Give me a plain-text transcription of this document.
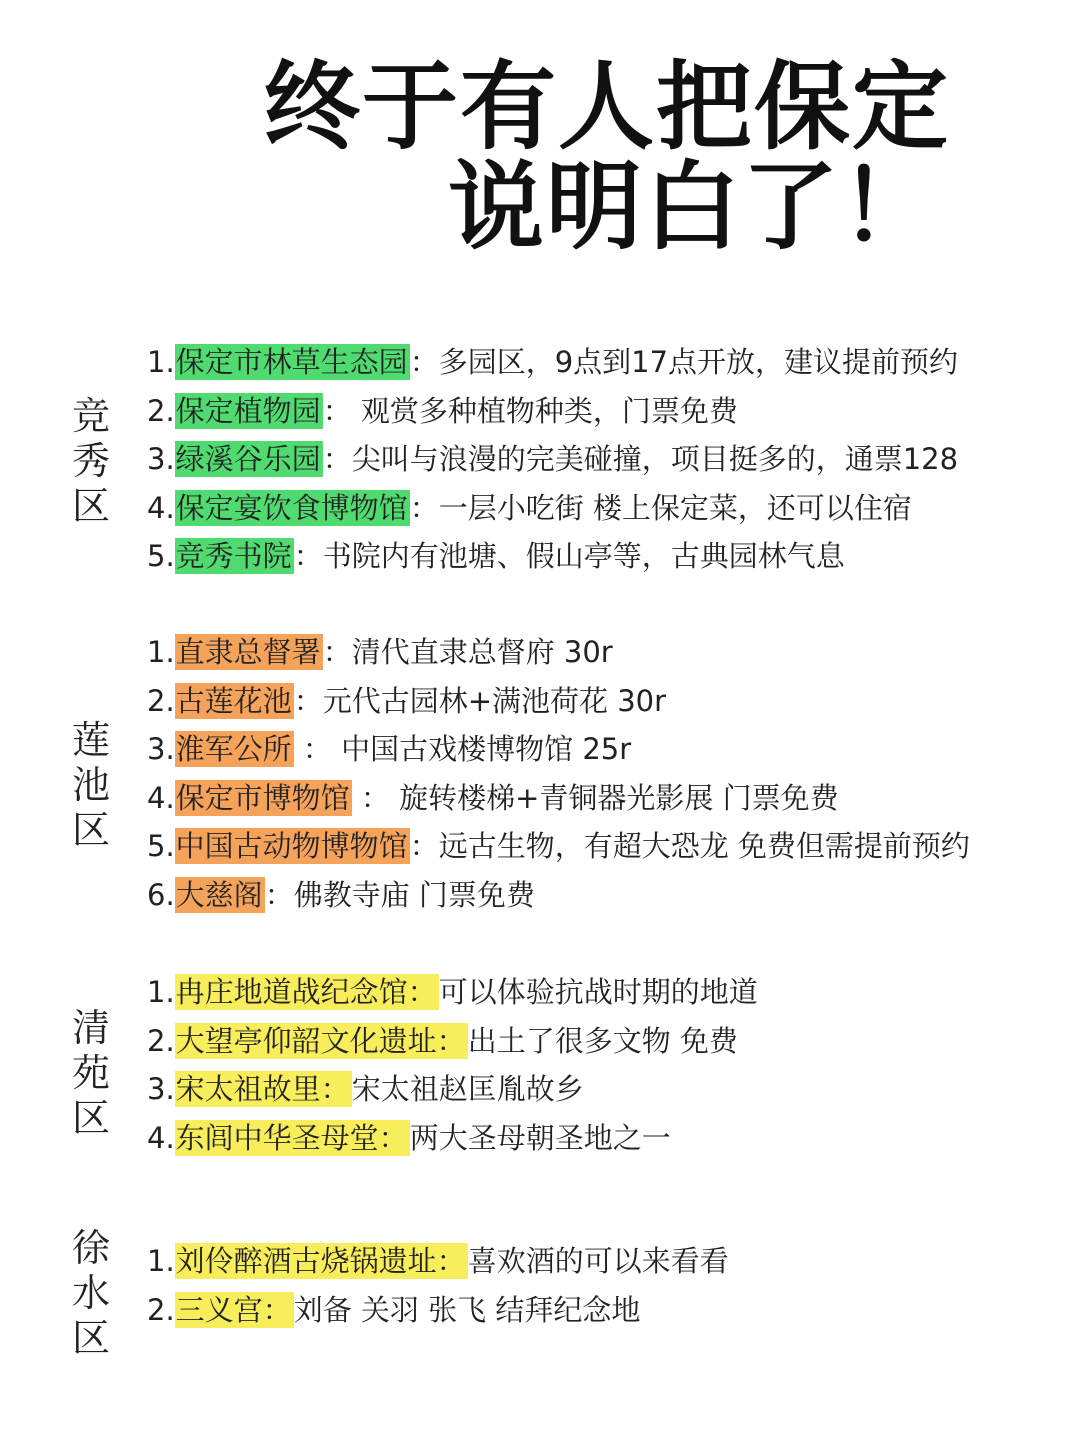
终于有人把保定
说明白了！
竞秀区
1.保定市林草生态园：多园区，9点到17点开放，建议提前预约
2.保定植物园： 观赏多种植物种类，门票免费
3.绿溪谷乐园：尖叫与浪漫的完美碰撞，项目挺多的，通票128
4.保定宴饮食博物馆：一层小吃街 楼上保定菜，还可以住宿
5.竞秀书院：书院内有池塘、假山亭等，古典园林气息
莲池区
1.直隶总督署：清代直隶总督府 30r
2.古莲花池：元代古园林+满池荷花 30r
3.淮军公所 ： 中国古戏楼博物馆 25r
4.保定市博物馆 ： 旋转楼梯+青铜器光影展 门票免费
5.中国古动物博物馆：远古生物，有超大恐龙 免费但需提前预约
6.大慈阁：佛教寺庙 门票免费
清苑区
1.冉庄地道战纪念馆：可以体验抗战时期的地道
2.大望亭仰韶文化遗址：出土了很多文物 免费
3.宋太祖故里：宋太祖赵匡胤故乡
4.东闾中华圣母堂：两大圣母朝圣地之一
徐水区
1.刘伶醉酒古烧锅遗址：喜欢酒的可以来看看
2.三义宫：刘备 关羽 张飞 结拜纪念地
